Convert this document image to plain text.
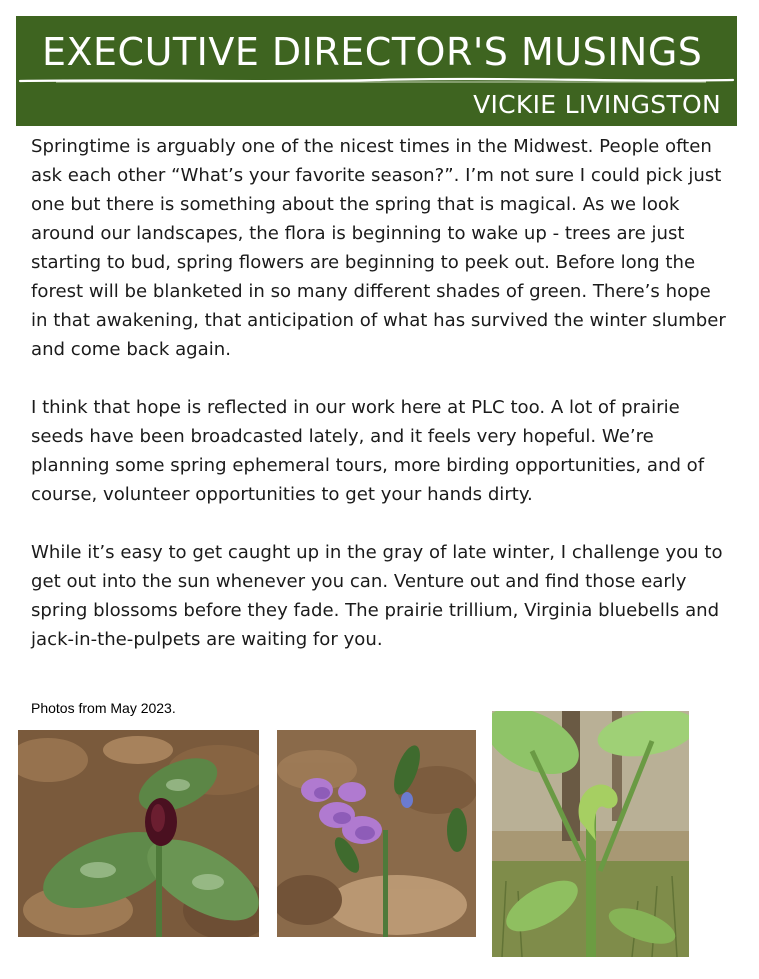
EXECUTIVE DIRECTOR'S MUSINGS
VICKIE LIVINGSTON

Springtime is arguably one of the nicest times in the Midwest. People often ask each other “What’s your favorite season?”. I’m not sure I could pick just one but there is something about the spring that is magical. As we look around our landscapes, the flora is beginning to wake up - trees are just starting to bud, spring flowers are beginning to peek out. Before long the forest will be blanketed in so many different shades of green. There’s hope in that awakening, that anticipation of what has survived the winter slumber and come back again.

I think that hope is reflected in our work here at PLC too. A lot of prairie seeds have been broadcasted lately, and it feels very hopeful. We’re planning some spring ephemeral tours, more birding opportunities, and of course, volunteer opportunities to get your hands dirty.

While it’s easy to get caught up in the gray of late winter, I challenge you to get out into the sun whenever you can. Venture out and find those early spring blossoms before they fade. The prairie trillium, Virginia bluebells and jack-in-the-pulpets are waiting for you.

Photos from May 2023.
